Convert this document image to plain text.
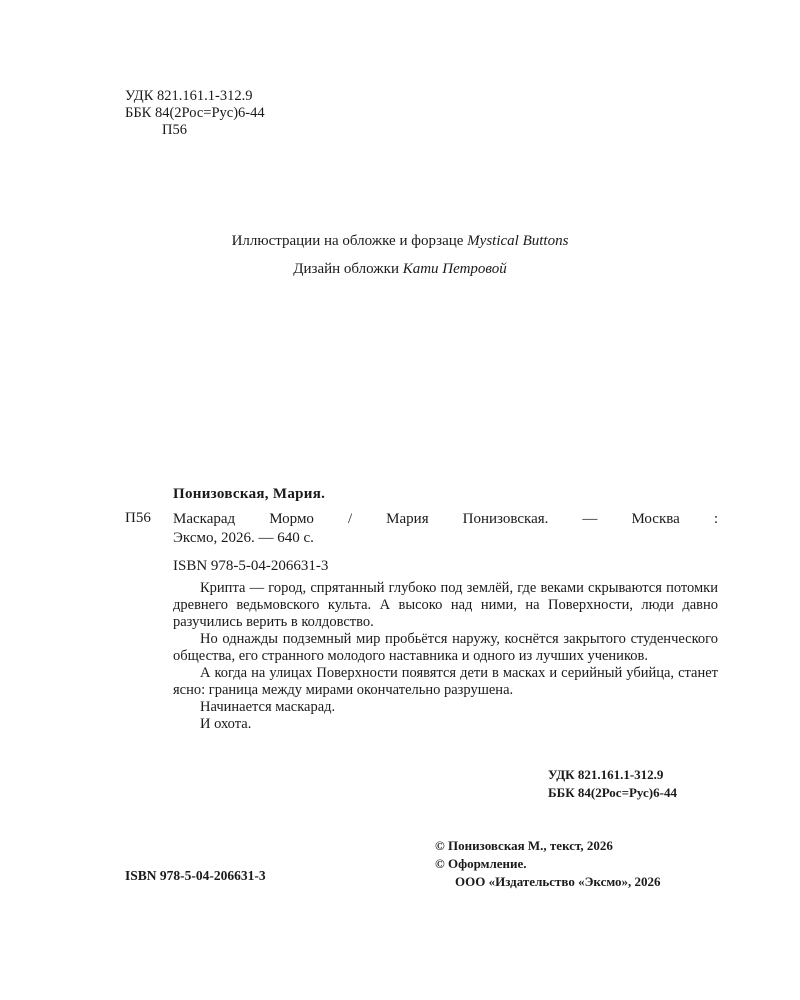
УДК 821.161.1-312.9
ББК 84(2Рос=Рус)6-44
П56
Иллюстрации на обложке и форзаце Mystical Buttons
Дизайн обложки Кати Петровой
Понизовская, Мария.
П56 Маскарад Мормо / Мария Понизовская. — Москва :
Эксмо, 2026. — 640 с.
ISBN 978-5-04-206631-3

Крипта — город, спрятанный глубоко под землёй, где веками скрываются потомки древнего ведьмовского культа. А высоко над ними, на Поверхности, люди давно разучились верить в колдовство.

Но однажды подземный мир пробьётся наружу, коснётся закрытого студенческого общества, его странного молодого наставника и одного из лучших учеников.

А когда на улицах Поверхности появятся дети в масках и серийный убийца, станет ясно: граница между мирами окончательно разрушена.

Начинается маскарад.

И охота.

УДК 821.161.1-312.9
ББК 84(2Рос=Рус)6-44
© Понизовская М., текст, 2026
© Оформление.
ООО «Издательство «Эксмо», 2026
ISBN 978-5-04-206631-3
